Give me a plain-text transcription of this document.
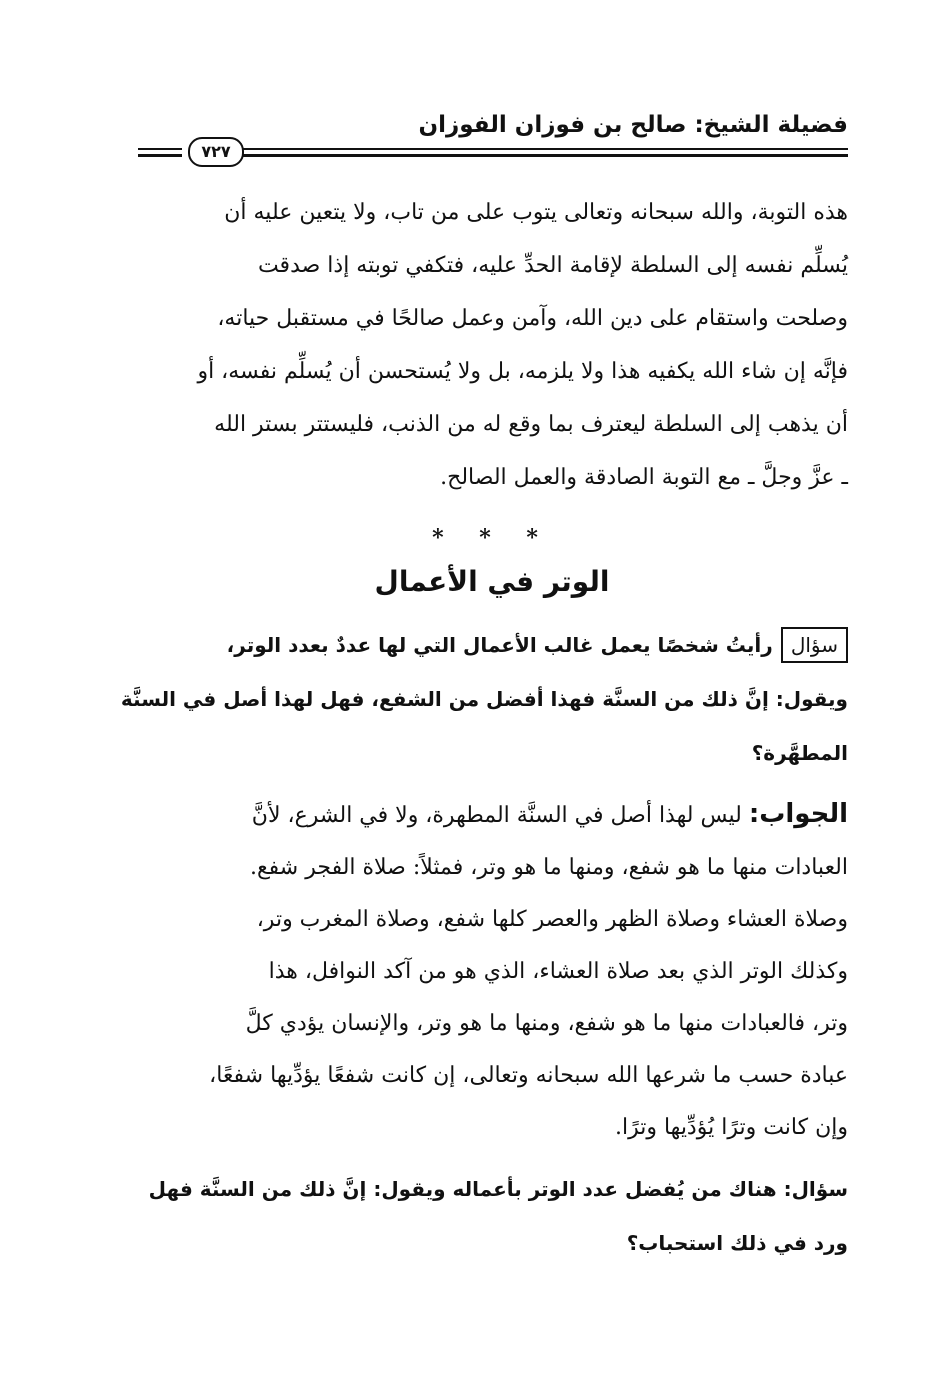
فضيلة الشيخ: صالح بن فوزان الفوزان
٧٢٧

هذه التوبة، والله سبحانه وتعالى يتوب على من تاب، ولا يتعين عليه أن

يُسلِّم نفسه إلى السلطة لإقامة الحدِّ عليه، فتكفي توبته إذا صدقت

وصلحت واستقام على دين الله، وآمن وعمل صالحًا في مستقبل حياته،

فإنَّه إن شاء الله يكفيه هذا ولا يلزمه، بل ولا يُستحسن أن يُسلِّم نفسه، أو

أن يذهب إلى السلطة ليعترف بما وقع له من الذنب، فليستتر بستر الله

ـ عزَّ وجلَّ ـ مع التوبة الصادقة والعمل الصالح.

* * *
الوتر في الأعمال

سؤالرأيتُ شخصًا يعمل غالب الأعمال التي لها عددٌ بعدد الوتر،

ويقول: إنَّ ذلك من السنَّة فهذا أفضل من الشفع، فهل لهذا أصل في السنَّة

المطهَّرة؟

الجواب: ليس لهذا أصل في السنَّة المطهرة، ولا في الشرع، لأنَّ

العبادات منها ما هو شفع، ومنها ما هو وتر، فمثلاً: صلاة الفجر شفع.

وصلاة العشاء وصلاة الظهر والعصر كلها شفع، وصلاة المغرب وتر،

وكذلك الوتر الذي بعد صلاة العشاء، الذي هو من آكد النوافل، هذا

وتر، فالعبادات منها ما هو شفع، ومنها ما هو وتر، والإنسان يؤدي كلَّ

عبادة حسب ما شرعها الله سبحانه وتعالى، إن كانت شفعًا يؤدِّيها شفعًا،

وإن كانت وترًا يُؤدِّيها وترًا.

سؤال: هناك من يُفضل عدد الوتر بأعماله ويقول: إنَّ ذلك من السنَّة فهل

ورد في ذلك استحباب؟
